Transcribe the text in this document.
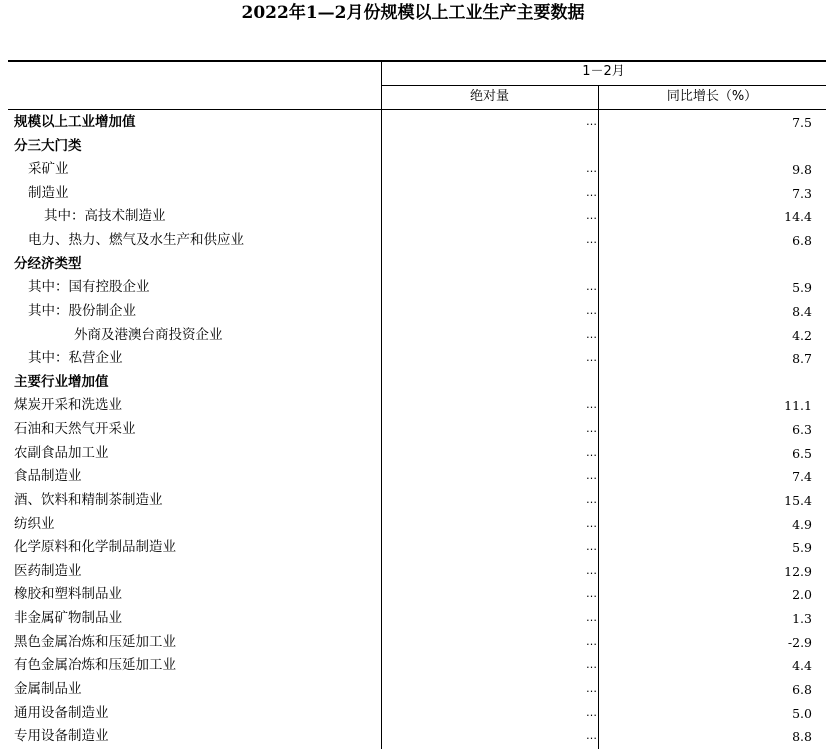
2022年1—2月份规模以上工业生产主要数据
1－2月
绝对量	同比增长（%）
规模以上工业增加值	…	7.5
分三大门类
采矿业	…	9.8
制造业	…	7.3
其中：高技术制造业	…	14.4
电力、热力、燃气及水生产和供应业	…	6.8
分经济类型
其中：国有控股企业	…	5.9
其中：股份制企业	…	8.4
外商及港澳台商投资企业	…	4.2
其中：私营企业	…	8.7
主要行业增加值
煤炭开采和洗选业	…	11.1
石油和天然气开采业	…	6.3
农副食品加工业	…	6.5
食品制造业	…	7.4
酒、饮料和精制茶制造业	…	15.4
纺织业	…	4.9
化学原料和化学制品制造业	…	5.9
医药制造业	…	12.9
橡胶和塑料制品业	…	2.0
非金属矿物制品业	…	1.3
黑色金属冶炼和压延加工业	…	-2.9
有色金属冶炼和压延加工业	…	4.4
金属制品业	…	6.8
通用设备制造业	…	5.0
专用设备制造业	…	8.8
